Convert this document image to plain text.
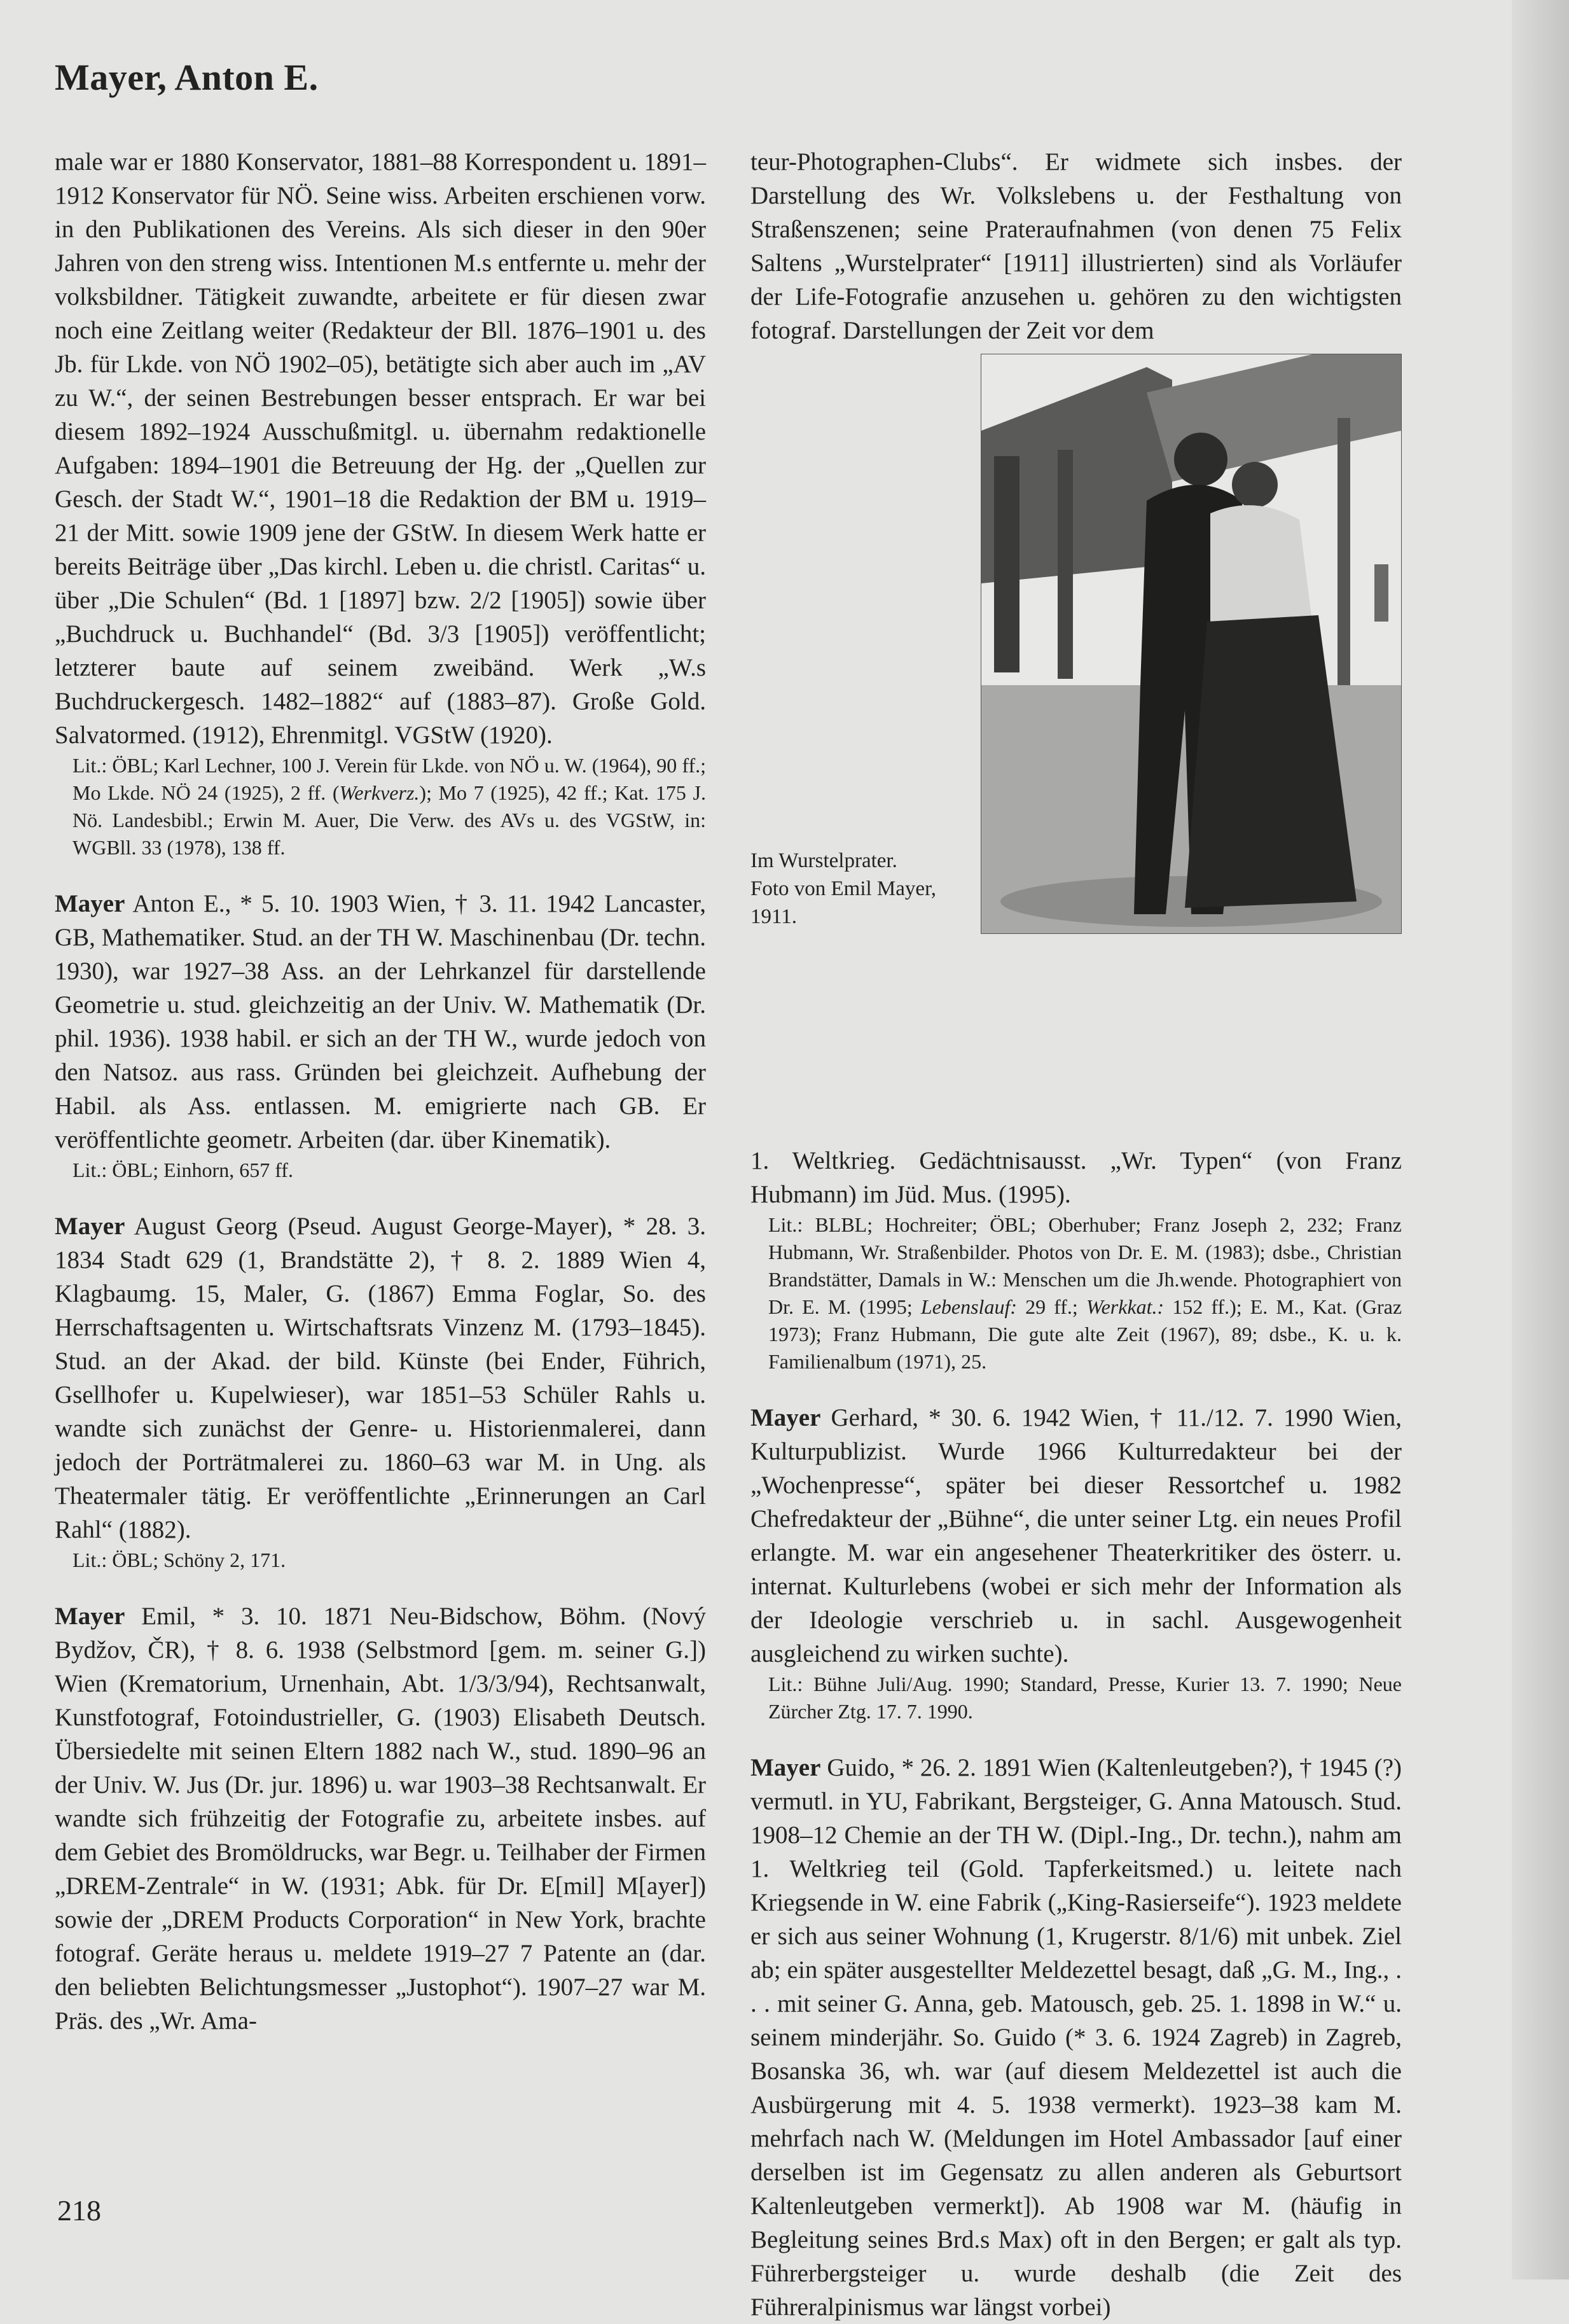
Mayer, Anton E.

male war er 1880 Konservator, 1881–88 Korrespondent u. 1891–1912 Konservator für NÖ. Seine wiss. Arbeiten erschienen vorw. in den Publikationen des Vereins. Als sich dieser in den 90er Jahren von den streng wiss. Intentionen M.s entfernte u. mehr der volksbildner. Tätigkeit zuwandte, arbeitete er für diesen zwar noch eine Zeitlang weiter (Redakteur der Bll. 1876–1901 u. des Jb. für Lkde. von NÖ 1902–05), betätigte sich aber auch im „AV zu W.“, der seinen Bestrebungen besser entsprach. Er war bei diesem 1892–1924 Ausschußmitgl. u. übernahm redaktionelle Aufgaben: 1894–1901 die Betreuung der Hg. der „Quellen zur Gesch. der Stadt W.“, 1901–18 die Redaktion der BM u. 1919–21 der Mitt. sowie 1909 jene der GStW. In diesem Werk hatte er bereits Beiträge über „Das kirchl. Leben u. die christl. Caritas“ u. über „Die Schulen“ (Bd. 1 [1897] bzw. 2/2 [1905]) sowie über „Buchdruck u. Buchhandel“ (Bd. 3/3 [1905]) veröffentlicht; letzterer baute auf seinem zweibänd. Werk „W.s Buchdruckergesch. 1482–1882“ auf (1883–87). Große Gold. Salvatormed. (1912), Ehrenmitgl. VGStW (1920).

Lit.: ÖBL; Karl Lechner, 100 J. Verein für Lkde. von NÖ u. W. (1964), 90 ff.; Mo Lkde. NÖ 24 (1925), 2 ff. (Werkverz.); Mo 7 (1925), 42 ff.; Kat. 175 J. Nö. Landesbibl.; Erwin M. Auer, Die Verw. des AVs u. des VGStW, in: WGBll. 33 (1978), 138 ff.

Mayer Anton E., * 5. 10. 1903 Wien, † 3. 11. 1942 Lancaster, GB, Mathematiker. Stud. an der TH W. Maschinenbau (Dr. techn. 1930), war 1927–38 Ass. an der Lehrkanzel für darstellende Geometrie u. stud. gleichzeitig an der Univ. W. Mathematik (Dr. phil. 1936). 1938 habil. er sich an der TH W., wurde jedoch von den Natsoz. aus rass. Gründen bei gleichzeit. Aufhebung der Habil. als Ass. entlassen. M. emigrierte nach GB. Er veröffentlichte geometr. Arbeiten (dar. über Kinematik).

Lit.: ÖBL; Einhorn, 657 ff.

Mayer August Georg (Pseud. August George-Mayer), * 28. 3. 1834 Stadt 629 (1, Brandstätte 2), † 8. 2. 1889 Wien 4, Klagbaumg. 15, Maler, G. (1867) Emma Foglar, So. des Herrschaftsagenten u. Wirtschaftsrats Vinzenz M. (1793–1845). Stud. an der Akad. der bild. Künste (bei Ender, Führich, Gsellhofer u. Kupelwieser), war 1851–53 Schüler Rahls u. wandte sich zunächst der Genre- u. Historienmalerei, dann jedoch der Porträtmalerei zu. 1860–63 war M. in Ung. als Theatermaler tätig. Er veröffentlichte „Erinnerungen an Carl Rahl“ (1882).

Lit.: ÖBL; Schöny 2, 171.

Mayer Emil, * 3. 10. 1871 Neu-Bidschow, Böhm. (Nový Bydžov, ČR), † 8. 6. 1938 (Selbstmord [gem. m. seiner G.]) Wien (Krematorium, Urnenhain, Abt. 1/3/3/94), Rechtsanwalt, Kunstfotograf, Fotoindustrieller, G. (1903) Elisabeth Deutsch. Übersiedelte mit seinen Eltern 1882 nach W., stud. 1890–96 an der Univ. W. Jus (Dr. jur. 1896) u. war 1903–38 Rechtsanwalt. Er wandte sich frühzeitig der Fotografie zu, arbeitete insbes. auf dem Gebiet des Bromöldrucks, war Begr. u. Teilhaber der Firmen „DREM-Zentrale“ in W. (1931; Abk. für Dr. E[mil] M[ayer]) sowie der „DREM Products Corporation“ in New York, brachte fotograf. Geräte heraus u. meldete 1919–27 7 Patente an (dar. den beliebten Belichtungsmesser „Justophot“). 1907–27 war M. Präs. des „Wr. Ama-

teur-Photographen-Clubs“. Er widmete sich insbes. der Darstellung des Wr. Volkslebens u. der Festhaltung von Straßenszenen; seine Prateraufnahmen (von denen 75 Felix Saltens „Wurstelprater“ [1911] illustrierten) sind als Vorläufer der Life-Fotografie anzusehen u. gehören zu den wichtigsten fotograf. Darstellungen der Zeit vor dem

Im Wurstelprater.
Foto von Emil Mayer,
1911.

1. Weltkrieg. Gedächtnisausst. „Wr. Typen“ (von Franz Hubmann) im Jüd. Mus. (1995).

Lit.: BLBL; Hochreiter; ÖBL; Oberhuber; Franz Joseph 2, 232; Franz Hubmann, Wr. Straßenbilder. Photos von Dr. E. M. (1983); dsbe., Christian Brandstätter, Damals in W.: Menschen um die Jh.wende. Photographiert von Dr. E. M. (1995; Lebenslauf: 29 ff.; Werkkat.: 152 ff.); E. M., Kat. (Graz 1973); Franz Hubmann, Die gute alte Zeit (1967), 89; dsbe., K. u. k. Familienalbum (1971), 25.

Mayer Gerhard, * 30. 6. 1942 Wien, † 11./12. 7. 1990 Wien, Kulturpublizist. Wurde 1966 Kulturredakteur bei der „Wochenpresse“, später bei dieser Ressortchef u. 1982 Chefredakteur der „Bühne“, die unter seiner Ltg. ein neues Profil erlangte. M. war ein angesehener Theaterkritiker des österr. u. internat. Kulturlebens (wobei er sich mehr der Information als der Ideologie verschrieb u. in sachl. Ausgewogenheit ausgleichend zu wirken suchte).

Lit.: Bühne Juli/Aug. 1990; Standard, Presse, Kurier 13. 7. 1990; Neue Zürcher Ztg. 17. 7. 1990.

Mayer Guido, * 26. 2. 1891 Wien (Kaltenleutgeben?), † 1945 (?) vermutl. in YU, Fabrikant, Bergsteiger, G. Anna Matousch. Stud. 1908–12 Chemie an der TH W. (Dipl.-Ing., Dr. techn.), nahm am 1. Weltkrieg teil (Gold. Tapferkeitsmed.) u. leitete nach Kriegsende in W. eine Fabrik („King-Rasierseife“). 1923 meldete er sich aus seiner Wohnung (1, Krugerstr. 8/1/6) mit unbek. Ziel ab; ein später ausgestellter Meldezettel besagt, daß „G. M., Ing., . . . mit seiner G. Anna, geb. Matousch, geb. 25. 1. 1898 in W.“ u. seinem minderjähr. So. Guido (* 3. 6. 1924 Zagreb) in Zagreb, Bosanska 36, wh. war (auf diesem Meldezettel ist auch die Ausbürgerung mit 4. 5. 1938 vermerkt). 1923–38 kam M. mehrfach nach W. (Meldungen im Hotel Ambassador [auf einer derselben ist im Gegensatz zu allen anderen als Geburtsort Kaltenleutgeben vermerkt]). Ab 1908 war M. (häufig in Begleitung seines Brd.s Max) oft in den Bergen; er galt als typ. Führerbergsteiger u. wurde deshalb (die Zeit des Führeralpinismus war längst vorbei)

218
